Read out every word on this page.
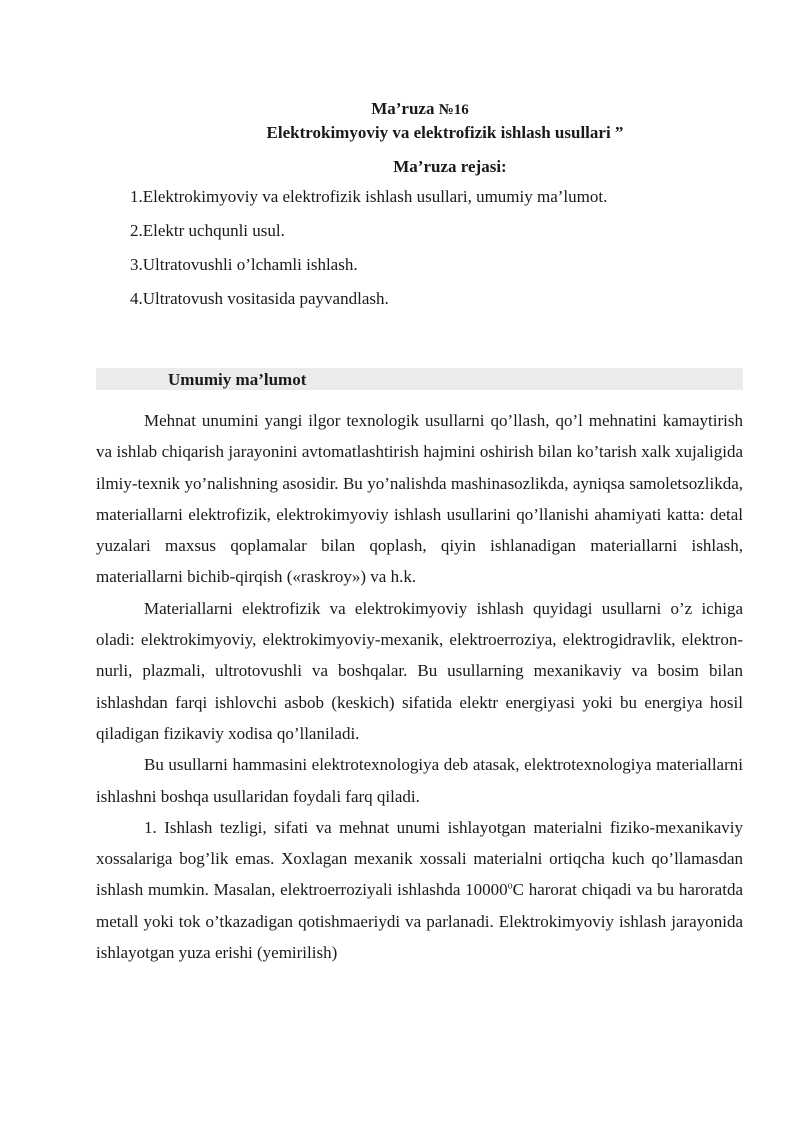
Ma’ruza №16
Elektrokimyoviy va elektrofizik ishlash usullari ”
Ma’ruza rejasi:
1.Elektrokimyoviy va elektrofizik ishlash usullari, umumiy ma’lumot.
2.Elektr uchqunli usul.
3.Ultratovushli o’lchamli ishlash.
4.Ultratovush vositasida payvandlash.
Umumiy ma’lumot

Mehnat unumini yangi ilgor texnologik usullarni qo’llash, qo’l mehnatini kamaytirish va ishlab chiqarish jarayonini avtomatlashtirish hajmini oshirish bilan ko’tarish xalk xujaligida ilmiy-texnik yo’nalishning asosidir. Bu yo’nalishda mashinasozlikda, ayniqsa samoletsozlikda, materiallarni elektrofizik, elektrokimyoviy ishlash usullarini qo’llanishi ahamiyati katta: detal yuzalari maxsus qoplamalar bilan qoplash, qiyin ishlanadigan materiallarni ishlash, materiallarni bichib-qirqish («raskroy») va h.k.

Materiallarni elektrofizik va elektrokimyoviy ishlash quyidagi usullarni o’z ichiga oladi: elektrokimyoviy, elektrokimyoviy-mexanik, elektroerroziya, elektrogidravlik, elektron-nurli, plazmali, ultrotovushli va boshqalar. Bu usullarning mexanikaviy va bosim bilan ishlashdan farqi ishlovchi asbob (keskich) sifatida elektr energiyasi yoki bu energiya hosil qiladigan fizikaviy xodisa qo’llaniladi.

Bu usullarni hammasini elektrotexnologiya deb atasak, elektrotexnologiya materiallarni ishlashni boshqa usullaridan foydali farq qiladi.

1. Ishlash tezligi, sifati va mehnat unumi ishlayotgan materialni fiziko-mexanikaviy xossalariga bog’lik emas. Xoxlagan mexanik xossali materialni ortiqcha kuch qo’llamasdan ishlash mumkin. Masalan, elektroerroziyali ishlashda 10000$^o$C harorat chiqadi va bu haroratda metall yoki tok o’tkazadigan qotishmaeriydi va parlanadi. Elektrokimyoviy ishlash jarayonida ishlayotgan yuza erishi (yemirilish)
